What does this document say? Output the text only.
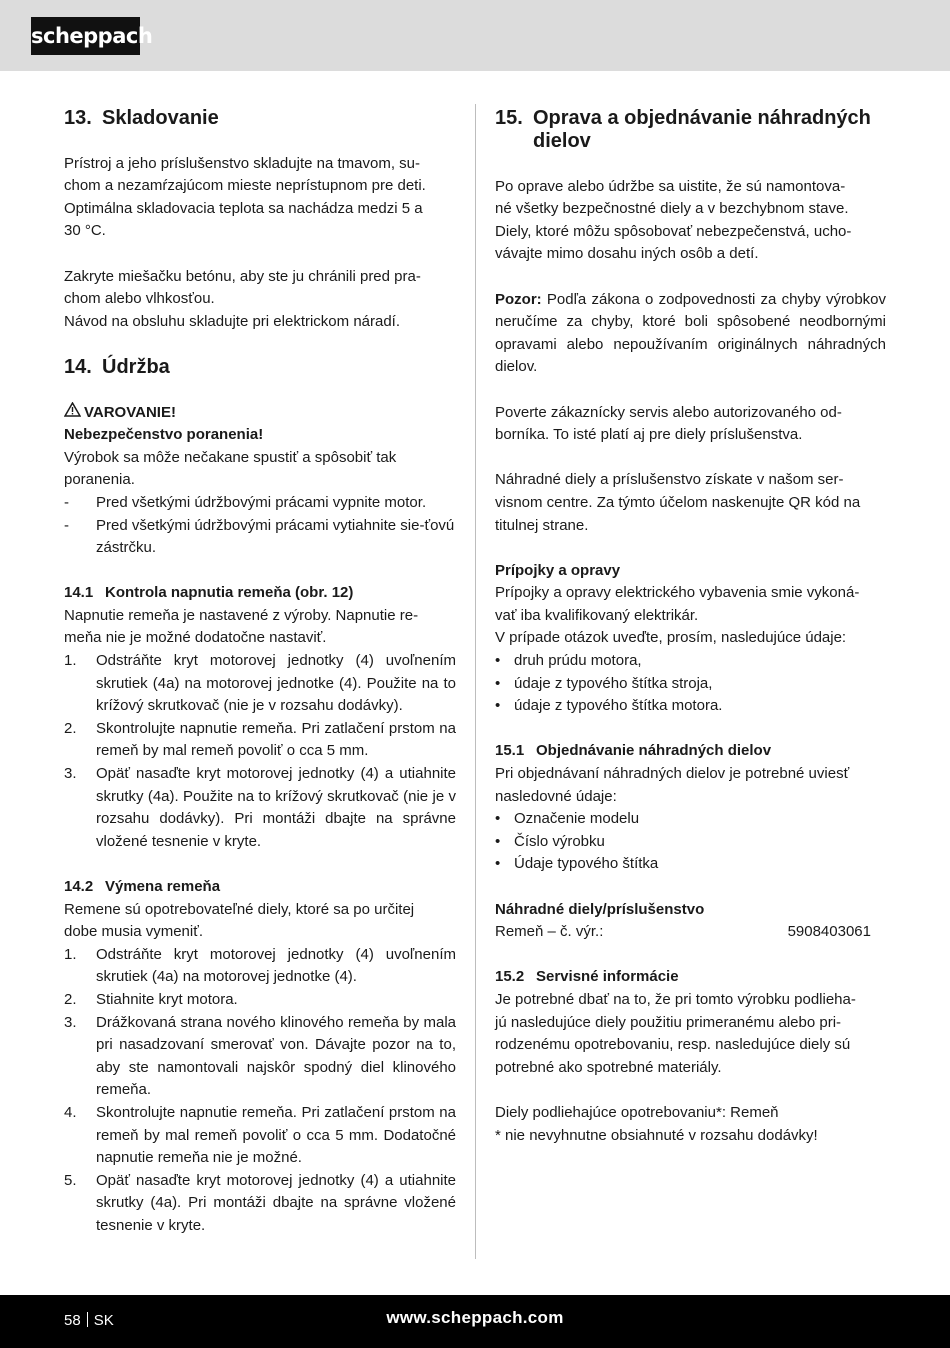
scheppach
13. Skladovanie

Prístroj a jeho príslušenstvo skladujte na tmavom, su-
chom a nezamŕzajúcom mieste neprístupnom pre deti.
Optimálna skladovacia teplota sa nachádza medzi 5 a
30 °C.

Zakryte miešačku betónu, aby ste ju chránili pred pra-
chom alebo vlhkosťou.
Návod na obsluhu skladujte pri elektrickom náradí.

14. Údržba
VAROVANIE!

Nebezpečenstvo poranenia!

Výrobok sa môže nečakane spustiť a spôsobiť tak
poranenia.

-	Pred všetkými údržbovými prácami vypnite motor.
-	Pred všetkými údržbovými prácami vytiahnite sie-ťovú zástrčku.
14.1 Kontrola napnutia remeňa (obr. 12)

Napnutie remeňa je nastavené z výroby. Napnutie re-
meňa nie je možné dodatočne nastaviť.

1.	Odstráňte kryt motorovej jednotky (4) uvoľnením skrutiek (4a) na motorovej jednotke (4). Použite na to krížový skrutkovač (nie je v rozsahu dodávky).
2.	Skontrolujte napnutie remeňa. Pri zatlačení prstom na remeň by mal remeň povoliť o cca 5 mm.
3.	Opäť nasaďte kryt motorovej jednotky (4) a utiahnite skrutky (4a). Použite na to krížový skrutkovač (nie je v rozsahu dodávky). Pri montáži dbajte na správne vložené tesnenie v kryte.
14.2 Výmena remeňa

Remene sú opotrebovateľné diely, ktoré sa po určitej
dobe musia vymeniť.

1.	Odstráňte kryt motorovej jednotky (4) uvoľnením skrutiek (4a) na motorovej jednotke (4).
2.	Stiahnite kryt motora.
3.	Drážkovaná strana nového klinového remeňa by mala pri nasadzovaní smerovať von. Dávajte pozor na to, aby ste namontovali najskôr spodný diel klinového remeňa.
4.	Skontrolujte napnutie remeňa. Pri zatlačení prstom na remeň by mal remeň povoliť o cca 5 mm. Dodatočné napnutie remeňa nie je možné.
5.	Opäť nasaďte kryt motorovej jednotky (4) a utiahnite skrutky (4a). Pri montáži dbajte na správne vložené tesnenie v kryte.
15. Oprava a objednávanie náhradných dielov

Po oprave alebo údržbe sa uistite, že sú namontova-
né všetky bezpečnostné diely a v bezchybnom stave.
Diely, ktoré môžu spôsobovať nebezpečenstvá, ucho-
vávajte mimo dosahu iných osôb a detí.

Pozor: Podľa zákona o zodpovednosti za chyby výrobkov neručíme za chyby, ktoré boli spôsobené neodbornými opravami alebo nepoužívaním originálnych náhradných dielov.

Poverte zákaznícky servis alebo autorizovaného od-
borníka. To isté platí aj pre diely príslušenstva.

Náhradné diely a príslušenstvo získate v našom ser-
visnom centre. Za týmto účelom naskenujte QR kód na
titulnej strane.

Prípojky a opravy

Prípojky a opravy elektrického vybavenia smie vykoná-
vať iba kvalifikovaný elektrikár.
V prípade otázok uveďte, prosím, nasledujúce údaje:

• druh prúdu motora,
• údaje z typového štítka stroja,
• údaje z typového štítka motora.
15.1 Objednávanie náhradných dielov

Pri objednávaní náhradných dielov je potrebné uviesť
nasledovné údaje:

• Označenie modelu
• Číslo výrobku
• Údaje typového štítka

Náhradné diely/príslušenstvo

Remeň – č. výr.:	5908403061
15.2 Servisné informácie

Je potrebné dbať na to, že pri tomto výrobku podlieha-
jú nasledujúce diely použitiu primeranému alebo pri-
rodzenému opotrebovaniu, resp. nasledujúce diely sú
potrebné ako spotrebné materiály.

Diely podliehajúce opotrebovaniu*: Remeň

* nie nevyhnutne obsiahnuté v rozsahu dodávky!

58 SK	www.scheppach.com
